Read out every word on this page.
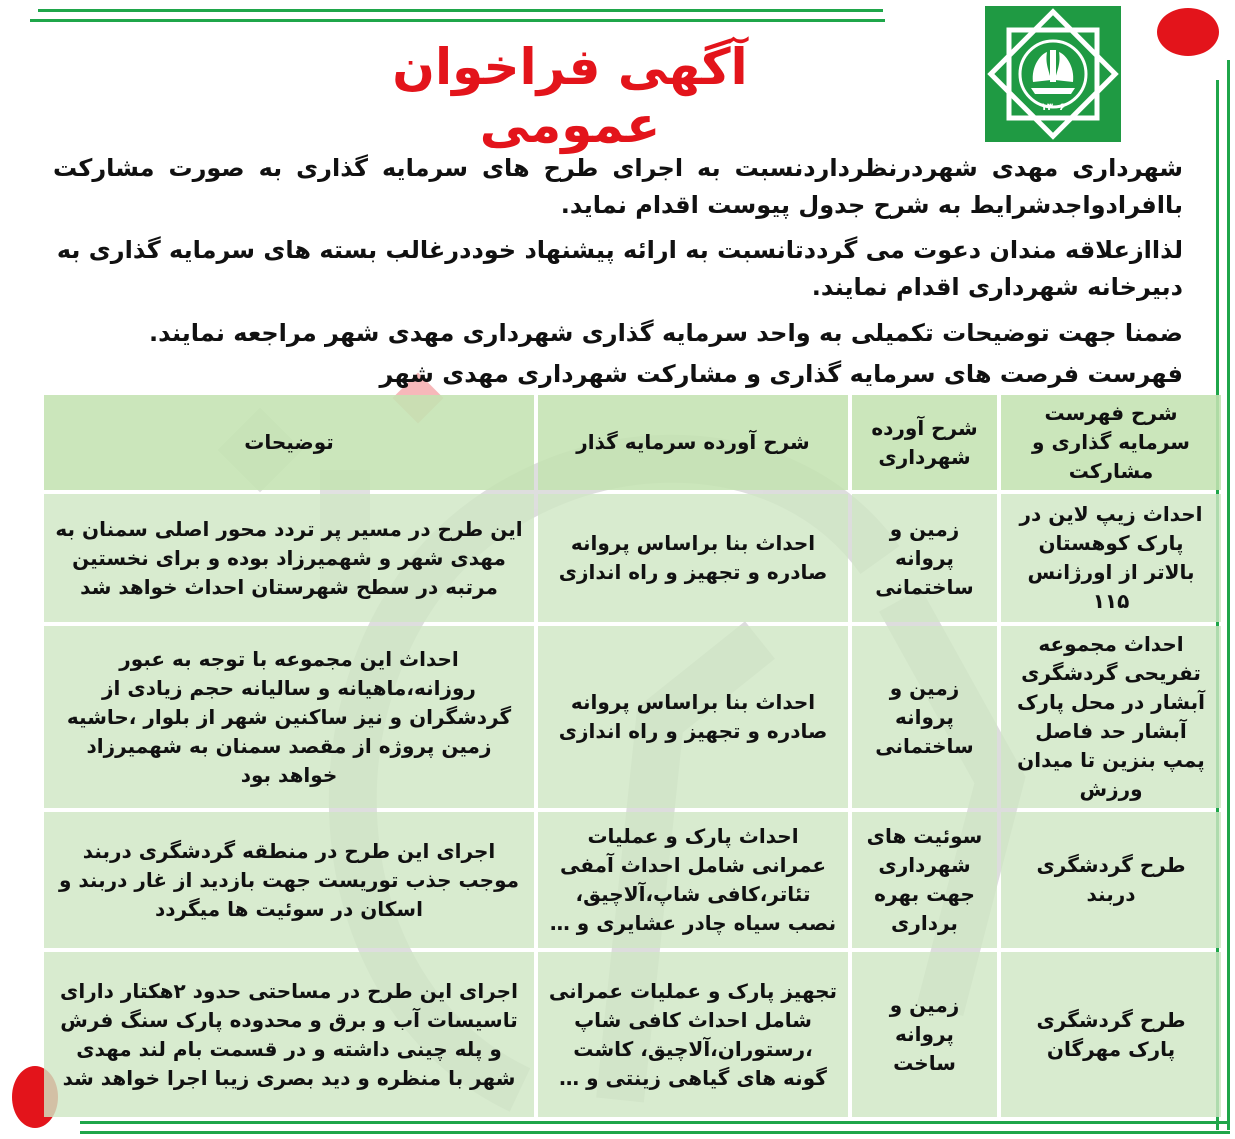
۱۳۰۶
آگهی فراخوان عمومی
شهرداری مهدی شهردرنظرداردنسبت به اجرای طرح های سرمایه گذاری به صورت مشارکت باافرادواجدشرایط به شرح جدول پیوست اقدام نماید.
لذاازعلاقه مندان دعوت می گرددتانسبت به ارائه پیشنهاد خوددرغالب بسته های سرمایه گذاری به دبیرخانه شهرداری اقدام نمایند.
ضمنا جهت توضیحات تکمیلی به واحد سرمایه گذاری شهرداری مهدی شهر مراجعه نمایند.
فهرست فرصت های سرمایه گذاری و مشارکت شهرداری مهدی شهر
شرح فهرست سرمایه گذاری و مشارکت	شرح آورده شهرداری	شرح آورده سرمایه گذار	توضیحات
احداث زیپ لاین در پارک کوهستان بالاتر از اورژانس ۱۱۵	زمین و پروانه ساختمانی	احداث بنا براساس پروانه صادره و تجهیز و راه اندازی	این طرح در مسیر پر تردد محور اصلی سمنان به مهدی شهر و شهمیرزاد بوده و برای نخستین مرتبه در سطح شهرستان احداث خواهد شد
احداث مجموعه تفریحی گردشگری آبشار در محل پارک آبشار حد فاصل پمپ بنزین تا میدان ورزش	زمین و پروانه ساختمانی	احداث بنا براساس پروانه صادره و تجهیز و راه اندازی	احداث این مجموعه با توجه به عبور روزانه،ماهیانه و سالیانه حجم زیادی از گردشگران و نیز ساکنین شهر از بلوار ،حاشیه زمین پروژه از مقصد سمنان به شهمیرزاد خواهد بود
طرح گردشگری دربند	سوئیت های شهرداری جهت بهره برداری	احداث پارک و عملیات عمرانی شامل احداث آمفی تئاتر،کافی شاپ،آلاچیق، نصب سیاه چادر عشایری و …	اجرای این طرح در منطقه گردشگری دربند موجب جذب توریست جهت بازدید از غار دربند و اسکان در سوئیت ها میگردد
طرح گردشگری پارک مهرگان	زمین و پروانه ساخت	تجهیز پارک و عملیات عمرانی شامل احداث کافی شاپ ،رستوران،آلاچیق، کاشت گونه های گیاهی زینتی و …	اجرای این طرح در مساحتی حدود ۲هکتار دارای تاسیسات آب و برق و محدوده پارک سنگ فرش و پله چینی داشته و در قسمت بام لند مهدی شهر با منظره و دید بصری زیبا اجرا خواهد شد
